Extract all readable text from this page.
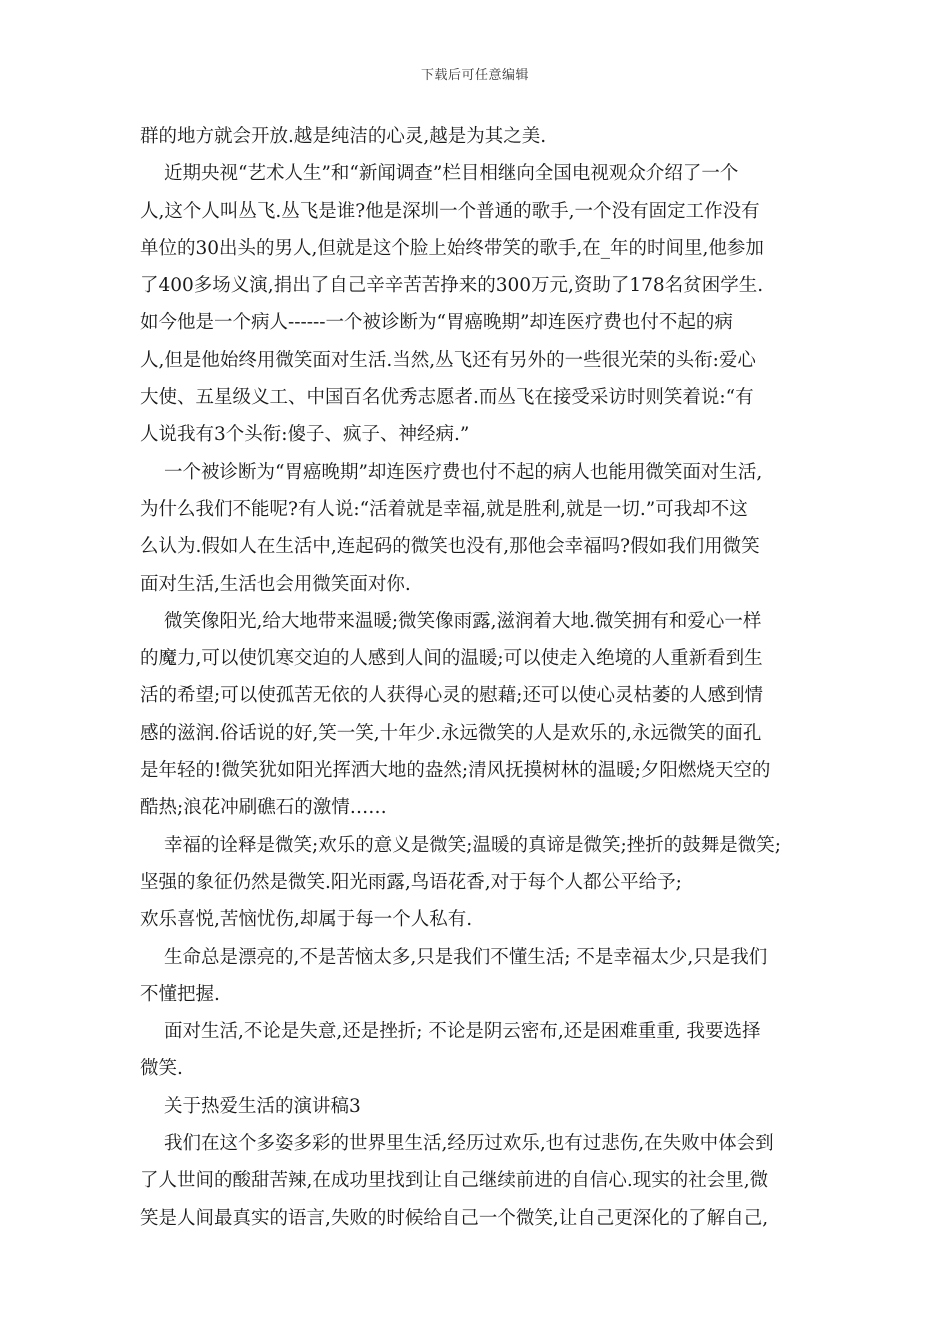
下载后可任意编辑
群的地方就会开放.越是纯洁的心灵,越是为其之美.
近期央视“艺术人生”和“新闻调查”栏目相继向全国电视观众介绍了一个
人,这个人叫丛飞.丛飞是谁?他是深圳一个普通的歌手,一个没有固定工作没有
单位的30出头的男人,但就是这个脸上始终带笑的歌手,在_年的时间里,他参加
了400多场义演,捐出了自己辛辛苦苦挣来的300万元,资助了178名贫困学生.
如今他是一个病人------一个被诊断为“胃癌晚期”却连医疗费也付不起的病
人,但是他始终用微笑面对生活.当然,丛飞还有另外的一些很光荣的头衔:爱心
大使、五星级义工、中国百名优秀志愿者.而丛飞在接受采访时则笑着说:“有
人说我有3个头衔:傻子、疯子、神经病.”
一个被诊断为“胃癌晚期”却连医疗费也付不起的病人也能用微笑面对生活,
为什么我们不能呢?有人说:“活着就是幸福,就是胜利,就是一切.”可我却不这
么认为.假如人在生活中,连起码的微笑也没有,那他会幸福吗?假如我们用微笑
面对生活,生活也会用微笑面对你.
微笑像阳光,给大地带来温暖;微笑像雨露,滋润着大地.微笑拥有和爱心一样
的魔力,可以使饥寒交迫的人感到人间的温暖;可以使走入绝境的人重新看到生
活的希望;可以使孤苦无依的人获得心灵的慰藉;还可以使心灵枯萎的人感到情
感的滋润.俗话说的好,笑一笑,十年少.永远微笑的人是欢乐的,永远微笑的面孔
是年轻的!微笑犹如阳光挥洒大地的盎然;清风抚摸树林的温暖;夕阳燃烧天空的
酷热;浪花冲刷礁石的激情……
幸福的诠释是微笑;欢乐的意义是微笑;温暖的真谛是微笑;挫折的鼓舞是微笑;
坚强的象征仍然是微笑.阳光雨露,鸟语花香,对于每个人都公平给予;
欢乐喜悦,苦恼忧伤,却属于每一个人私有.
生命总是漂亮的,不是苦恼太多,只是我们不懂生活; 不是幸福太少,只是我们
不懂把握.
面对生活,不论是失意,还是挫折; 不论是阴云密布,还是困难重重, 我要选择
微笑.
关于热爱生活的演讲稿3
我们在这个多姿多彩的世界里生活,经历过欢乐,也有过悲伤,在失败中体会到
了人世间的酸甜苦辣,在成功里找到让自己继续前进的自信心.现实的社会里,微
笑是人间最真实的语言,失败的时候给自己一个微笑,让自己更深化的了解自己,
